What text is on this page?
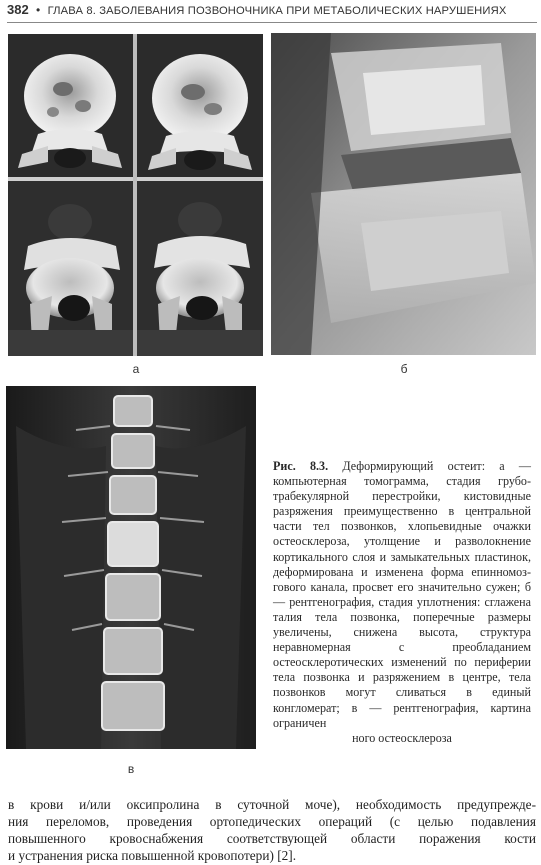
382 • ГЛАВА 8. ЗАБОЛЕВАНИЯ ПОЗВОНОЧНИКА ПРИ МЕТАБОЛИЧЕСКИХ НАРУШЕНИЯХ
а	б
в
Рис. 8.3. Деформирующий остеит: а — компьютерная томограмма, стадия груботрабекулярной перестройки, кистовидные разряжения преимущественно в центральной части тел позвонков, хлопьевидные очажки остеосклероза, утолщение и разволокнение кортикального слоя и замыкательных пластинок, деформирована и изменена форма епинномозгового канала, просвет его значительно сужен; б — рентгенография, стадия уплотнения: сглажена талия тела позвонка, поперечные размеры увеличены, снижена высота, структура неравномерная с преобладанием остеосклеротических изменений по периферии тела позвонка и разряжением в центре, тела позвонков могут сливаться в единый конгломерат; в — рентгенография, картина ограничен
ного остеосклероза
в крови и/или оксипролина в суточной моче), необходимость предупрежде-
ния переломов, проведения ортопедических операций (с целью подавления
повышенного кровоснабжения соответствующей области поражения кости
и устранения риска повышенной кровопотери) [2].
